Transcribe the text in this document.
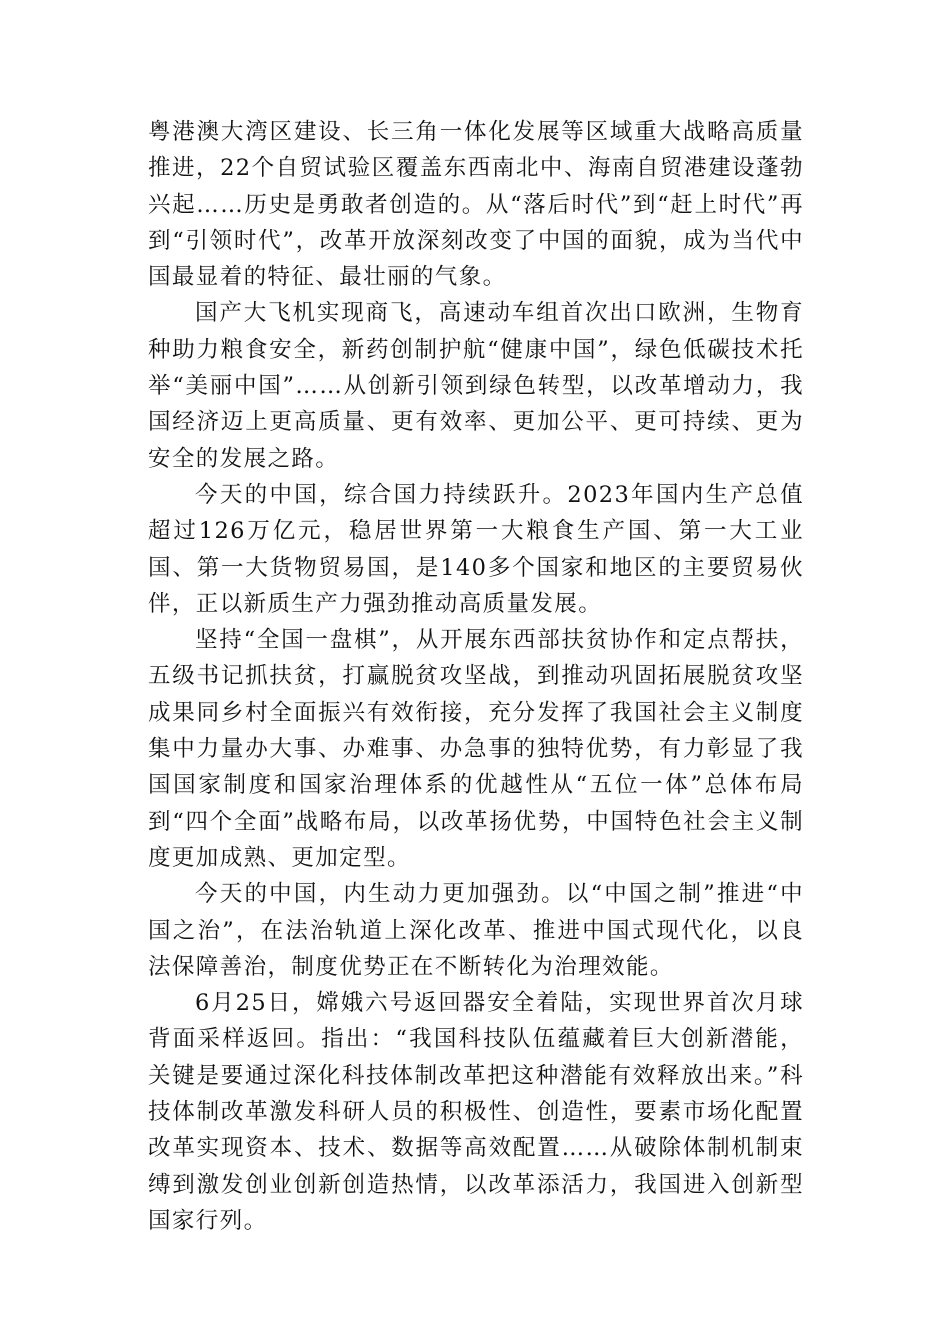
粤港澳大湾区建设、长三角一体化发展等区域重大战略高质量推进，22个自贸试验区覆盖东西南北中、海南自贸港建设蓬勃兴起……历史是勇敢者创造的。从“落后时代”到“赶上时代”再到“引领时代”，改革开放深刻改变了中国的面貌，成为当代中国最显着的特征、最壮丽的气象。

国产大飞机实现商飞，高速动车组首次出口欧洲，生物育种助力粮食安全，新药创制护航“健康中国”，绿色低碳技术托举“美丽中国”……从创新引领到绿色转型，以改革增动力，我国经济迈上更高质量、更有效率、更加公平、更可持续、更为安全的发展之路。

今天的中国，综合国力持续跃升。2023年国内生产总值超过126万亿元，稳居世界第一大粮食生产国、第一大工业国、第一大货物贸易国，是140多个国家和地区的主要贸易伙伴，正以新质生产力强劲推动高质量发展。

坚持“全国一盘棋”，从开展东西部扶贫协作和定点帮扶，五级书记抓扶贫，打赢脱贫攻坚战，到推动巩固拓展脱贫攻坚成果同乡村全面振兴有效衔接，充分发挥了我国社会主义制度集中力量办大事、办难事、办急事的独特优势，有力彰显了我国国家制度和国家治理体系的优越性从“五位一体”总体布局到“四个全面”战略布局，以改革扬优势，中国特色社会主义制度更加成熟、更加定型。

今天的中国，内生动力更加强劲。以“中国之制”推进“中国之治”，在法治轨道上深化改革、推进中国式现代化，以良法保障善治，制度优势正在不断转化为治理效能。

6月25日，嫦娥六号返回器安全着陆，实现世界首次月球背面采样返回。指出：“我国科技队伍蕴藏着巨大创新潜能，关键是要通过深化科技体制改革把这种潜能有效释放出来。”科技体制改革激发科研人员的积极性、创造性，要素市场化配置改革实现资本、技术、数据等高效配置……从破除体制机制束缚到激发创业创新创造热情，以改革添活力，我国进入创新型国家行列。
